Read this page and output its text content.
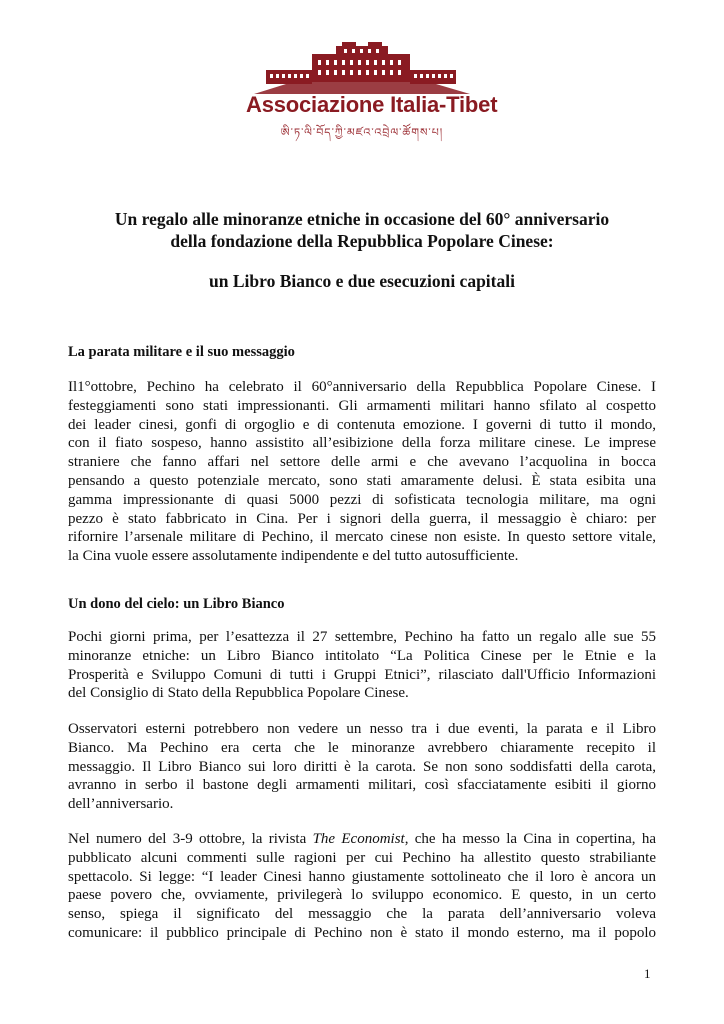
Associazione Italia-Tibet
ཨི་ཏ་ལི་བོད་ཀྱི་མཛའ་འབྲེལ་ཚོགས་པ།
Un regalo alle minoranze etniche in occasione del 60° anniversario
della fondazione della Repubblica Popolare Cinese:
un Libro Bianco e due esecuzioni capitali
La parata militare e il suo messaggio
Il1°ottobre, Pechino ha celebrato il 60°anniversario della Repubblica Popolare Cinese. I
festeggiamenti sono stati impressionanti. Gli armamenti militari hanno sfilato al cospetto
dei leader cinesi, gonfi di orgoglio e di contenuta emozione. I governi di tutto il mondo,
con il fiato sospeso, hanno assistito all’esibizione della forza militare cinese. Le imprese
straniere che fanno affari nel settore delle armi e che avevano l’acquolina in bocca
pensando a questo potenziale mercato, sono stati amaramente delusi. È stata esibita una
gamma impressionante di quasi 5000 pezzi di sofisticata tecnologia militare, ma ogni
pezzo è stato fabbricato in Cina. Per i signori della guerra, il messaggio è chiaro: per
rifornire l’arsenale militare di Pechino, il mercato cinese non esiste. In questo settore vitale,
la Cina vuole essere assolutamente indipendente e del tutto autosufficiente.
Un dono del cielo: un Libro Bianco
Pochi giorni prima, per l’esattezza il 27 settembre, Pechino ha fatto un regalo alle sue 55
minoranze etniche: un Libro Bianco intitolato “La Politica Cinese per le Etnie e la
Prosperità e Sviluppo Comuni di tutti i Gruppi Etnici”, rilasciato dall'Ufficio Informazioni
del Consiglio di Stato della Repubblica Popolare Cinese.
Osservatori esterni potrebbero non vedere un nesso tra i due eventi, la parata e il Libro
Bianco. Ma Pechino era certa che le minoranze avrebbero chiaramente recepito il
messaggio. Il Libro Bianco sui loro diritti è la carota. Se non sono soddisfatti della carota,
avranno in serbo il bastone degli armamenti militari, così sfacciatamente esibiti il giorno
dell’anniversario.
Nel numero del 3-9 ottobre, la rivista The Economist, che ha messo la Cina in copertina, ha
pubblicato alcuni commenti sulle ragioni per cui Pechino ha allestito questo strabiliante
spettacolo. Si legge: “I leader Cinesi hanno giustamente sottolineato che il loro è ancora un
paese povero che, ovviamente, privilegerà lo sviluppo economico. E questo, in un certo
senso, spiega il significato del messaggio che la parata dell’anniversario voleva
comunicare: il pubblico principale di Pechino non è stato il mondo esterno, ma il popolo
1
